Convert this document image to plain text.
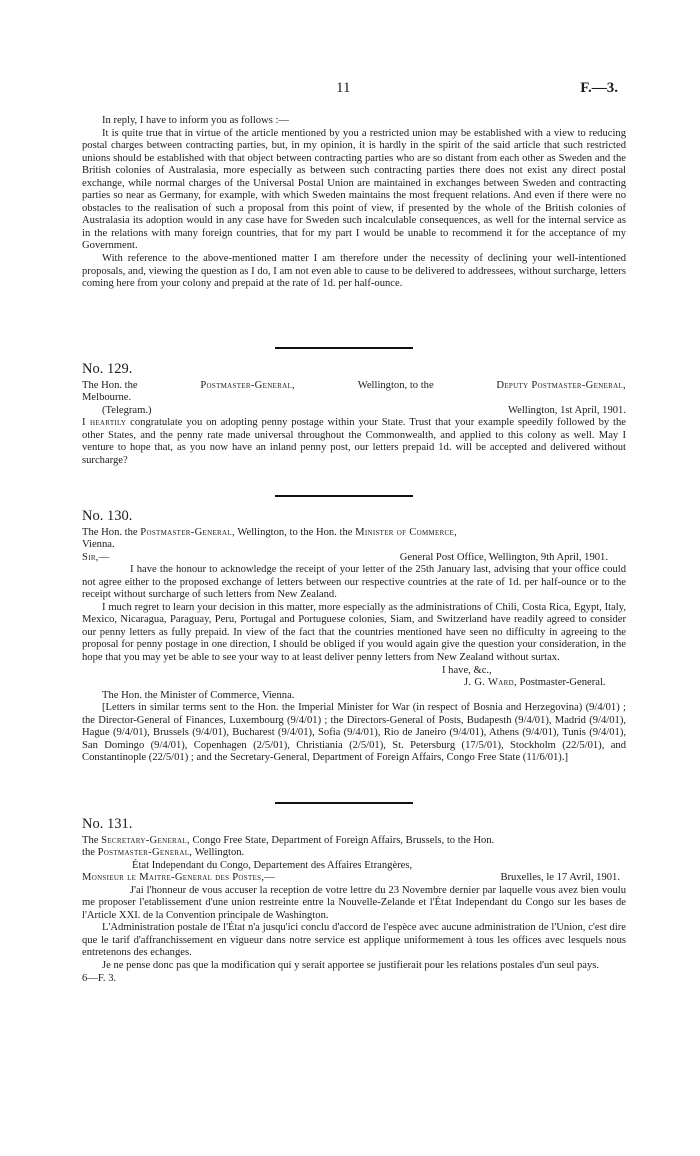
11	F.—3.

In reply, I have to inform you as follows :—

It is quite true that in virtue of the article mentioned by you a restricted union may be established with a view to reducing postal charges between contracting parties, but, in my opinion, it is hardly in the spirit of the said article that such restricted unions should be established with that object between contracting parties who are so distant from each other as Sweden and the British colonies of Australasia, more especially as between such contracting parties there does not exist any direct postal exchange, while normal charges of the Universal Postal Union are maintained in exchanges between Sweden and contracting parties so near as Germany, for example, with which Sweden maintains the most frequent relations. And even if there were no obstacles to the realisation of such a proposal from this point of view, if presented by the whole of the British colonies of Australasia its adoption would in any case have for Sweden such incalculable consequences, as well for the internal service as in the relations with many foreign countries, that for my part I would be unable to recommend it for the acceptance of my Government.

With reference to the above-mentioned matter I am therefore under the necessity of declining your well-intentioned proposals, and, viewing the question as I do, I am not even able to cause to be delivered to addressees, without surcharge, letters coming here from your colony and prepaid at the rate of 1d. per half-ounce.

No. 129.

The Hon. the	Postmaster-General,	Wellington, to the	Deputy Postmaster-General,

Melbourne.

(Telegram.)	Wellington, 1st April, 1901.

I heartily congratulate you on adopting penny postage within your State. Trust that your example speedily followed by the other States, and the penny rate made universal throughout the Commonwealth, and applied to this colony as well. May I venture to hope that, as you now have an inland penny post, our letters prepaid 1d. will be accepted and delivered without surcharge?

No. 130.

The Hon. the Postmaster-General, Wellington, to the Hon. the Minister of Commerce,

Vienna.

Sir,—	General Post Office, Wellington, 9th April, 1901.

I have the honour to acknowledge the receipt of your letter of the 25th January last, advising that your office could not agree either to the proposed exchange of letters between our respective countries at the rate of 1d. per half-ounce or to the receipt without surcharge of such letters from New Zealand.

I much regret to learn your decision in this matter, more especially as the administrations of Chili, Costa Rica, Egypt, Italy, Mexico, Nicaragua, Paraguay, Peru, Portugal and Portuguese colonies, Siam, and Switzerland have readily agreed to consider our penny letters as fully prepaid. In view of the fact that the countries mentioned have seen no difficulty in agreeing to the proposal for penny postage in one direction, I should be obliged if you would again give the question your consideration, in the hope that you may yet be able to see your way to at least deliver penny letters from New Zealand without surtax.

I have, &c.,

J. G. Ward, Postmaster-General.

The Hon. the Minister of Commerce, Vienna.

[Letters in similar terms sent to the Hon. the Imperial Minister for War (in respect of Bosnia and Herzegovina) (9/4/01) ; the Director-General of Finances, Luxembourg (9/4/01) ; the Directors-General of Posts, Budapesth (9/4/01), Madrid (9/4/01), Hague (9/4/01), Brussels (9/4/01), Bucharest (9/4/01), Sofia (9/4/01), Rio de Janeiro (9/4/01), Athens (9/4/01), Tunis (9/4/01), San Domingo (9/4/01), Copenhagen (2/5/01), Christiania (2/5/01), St. Petersburg (17/5/01), Stockholm (22/5/01), and Constantinople (22/5/01) ; and the Secretary-General, Department of Foreign Affairs, Congo Free State (11/6/01).]

No. 131.

The Secretary-General, Congo Free State, Department of Foreign Affairs, Brussels, to the Hon.

the Postmaster-General, Wellington.

État Independant du Congo, Departement des Affaires Etrangères,

Monsieur le Maitre-General des Postes,—	Bruxelles, le 17 Avril, 1901.

J'ai l'honneur de vous accuser la reception de votre lettre du 23 Novembre dernier par laquelle vous avez bien voulu me proposer l'etablissement d'une union restreinte entre la Nouvelle-Zelande et l'État Independant du Congo sur les bases de l'Article XXI. de la Convention principale de Washington.

L'Administration postale de l'État n'a jusqu'ici conclu d'accord de l'espèce avec aucune administration de l'Union, c'est dire que le tarif d'affranchissement en vigueur dans notre service est applique uniformement à tous les offices avec lesquels nous entretenons des echanges.

Je ne pense donc pas que la modification qui y serait apportee se justifierait pour les relations postales d'un seul pays.

6—F. 3.
